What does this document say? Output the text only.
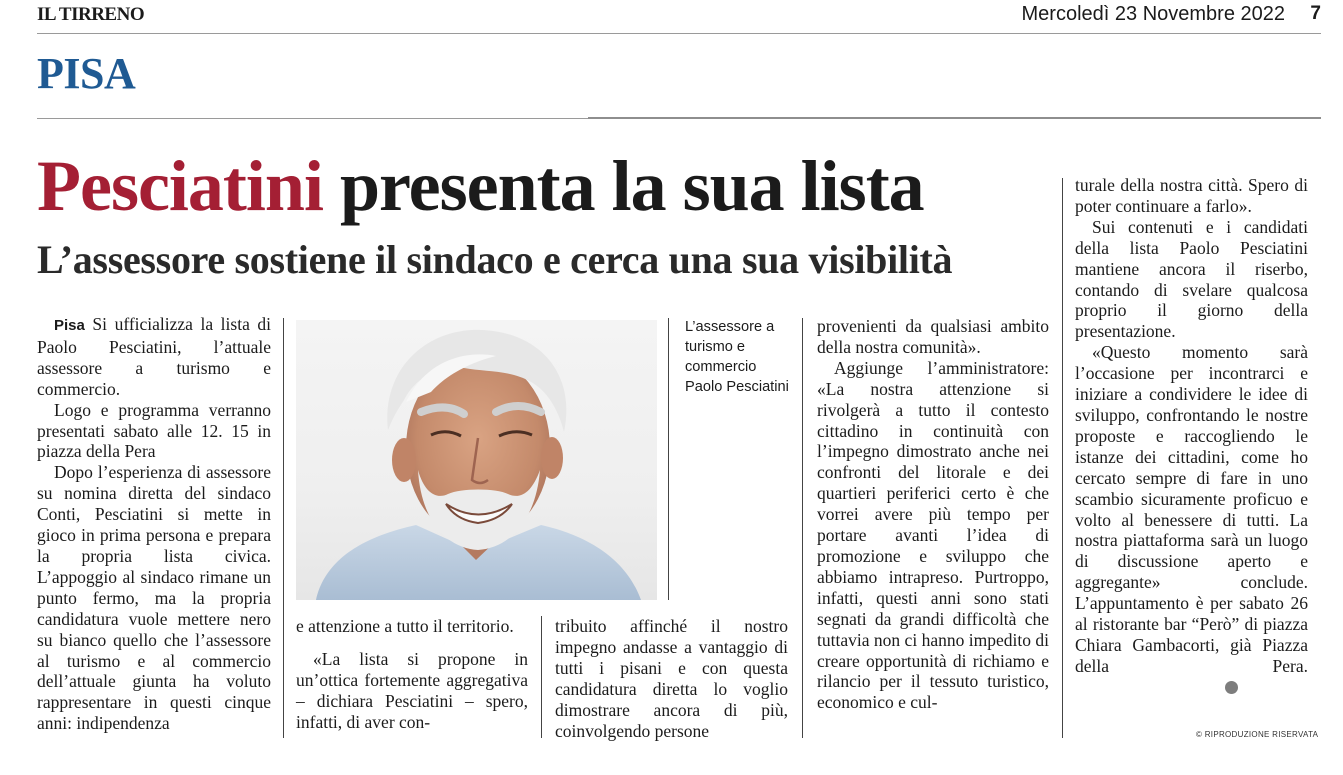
IL TIRRENO	Mercoledì 23 Novembre 2022 7
PISA
Pesciatini presenta la sua lista
L’assessore sostiene il sindaco e cerca una sua visibilità

Pisa Si ufficializza la lista di Paolo Pesciatini, l’attuale assessore a turismo e commercio.

Logo e programma verranno presentati sabato alle 12. 15 in piazza della Pera

Dopo l’esperienza di assessore su nomina diretta del sindaco Conti, Pesciatini si mette in gioco in prima persona e prepara la propria lista civica. L’appoggio al sindaco rimane un punto fermo, ma la propria candidatura vuole mettere nero su bianco quello che l’assessore al turismo e al commercio dell’attuale giunta ha voluto rappresentare in questi cinque anni: indipendenza

L’assessore a turismo e commercio Paolo Pesciatini

e attenzione a tutto il territorio.

«La lista si propone in un’ottica fortemente aggregativa – dichiara Pesciatini – spero, infatti, di aver con-

tribuito affinché il nostro impegno andasse a vantaggio di tutti i pisani e con questa candidatura diretta lo voglio dimostrare ancora di più, coinvolgendo persone

provenienti da qualsiasi ambito della nostra comunità».

Aggiunge l’amministratore: «La nostra attenzione si rivolgerà a tutto il contesto cittadino in continuità con l’impegno dimostrato anche nei confronti del litorale e dei quartieri periferici certo è che vorrei avere più tempo per portare avanti l’idea di promozione e sviluppo che abbiamo intrapreso. Purtroppo, infatti, questi anni sono stati segnati da grandi difficoltà che tuttavia non ci hanno impedito di creare opportunità di richiamo e rilancio per il tessuto turistico, economico e cul-

turale della nostra città. Spero di poter continuare a farlo».

Sui contenuti e i candidati della lista Paolo Pesciatini mantiene ancora il riserbo, contando di svelare qualcosa proprio il giorno della presentazione.

«Questo momento sarà l’occasione per incontrarci e iniziare a condividere le idee di sviluppo, confrontando le nostre proposte e raccogliendo le istanze dei cittadini, come ho cercato sempre di fare in uno scambio sicuramente proficuo e volto al benessere di tutti. La nostra piattaforma sarà un luogo di discussione aperto e aggregante» conclude. L’appuntamento è per sabato 26 al ristorante bar “Però” di piazza Chiara Gambacorti, già Piazza della Pera.

© RIPRODUZIONE RISERVATA
